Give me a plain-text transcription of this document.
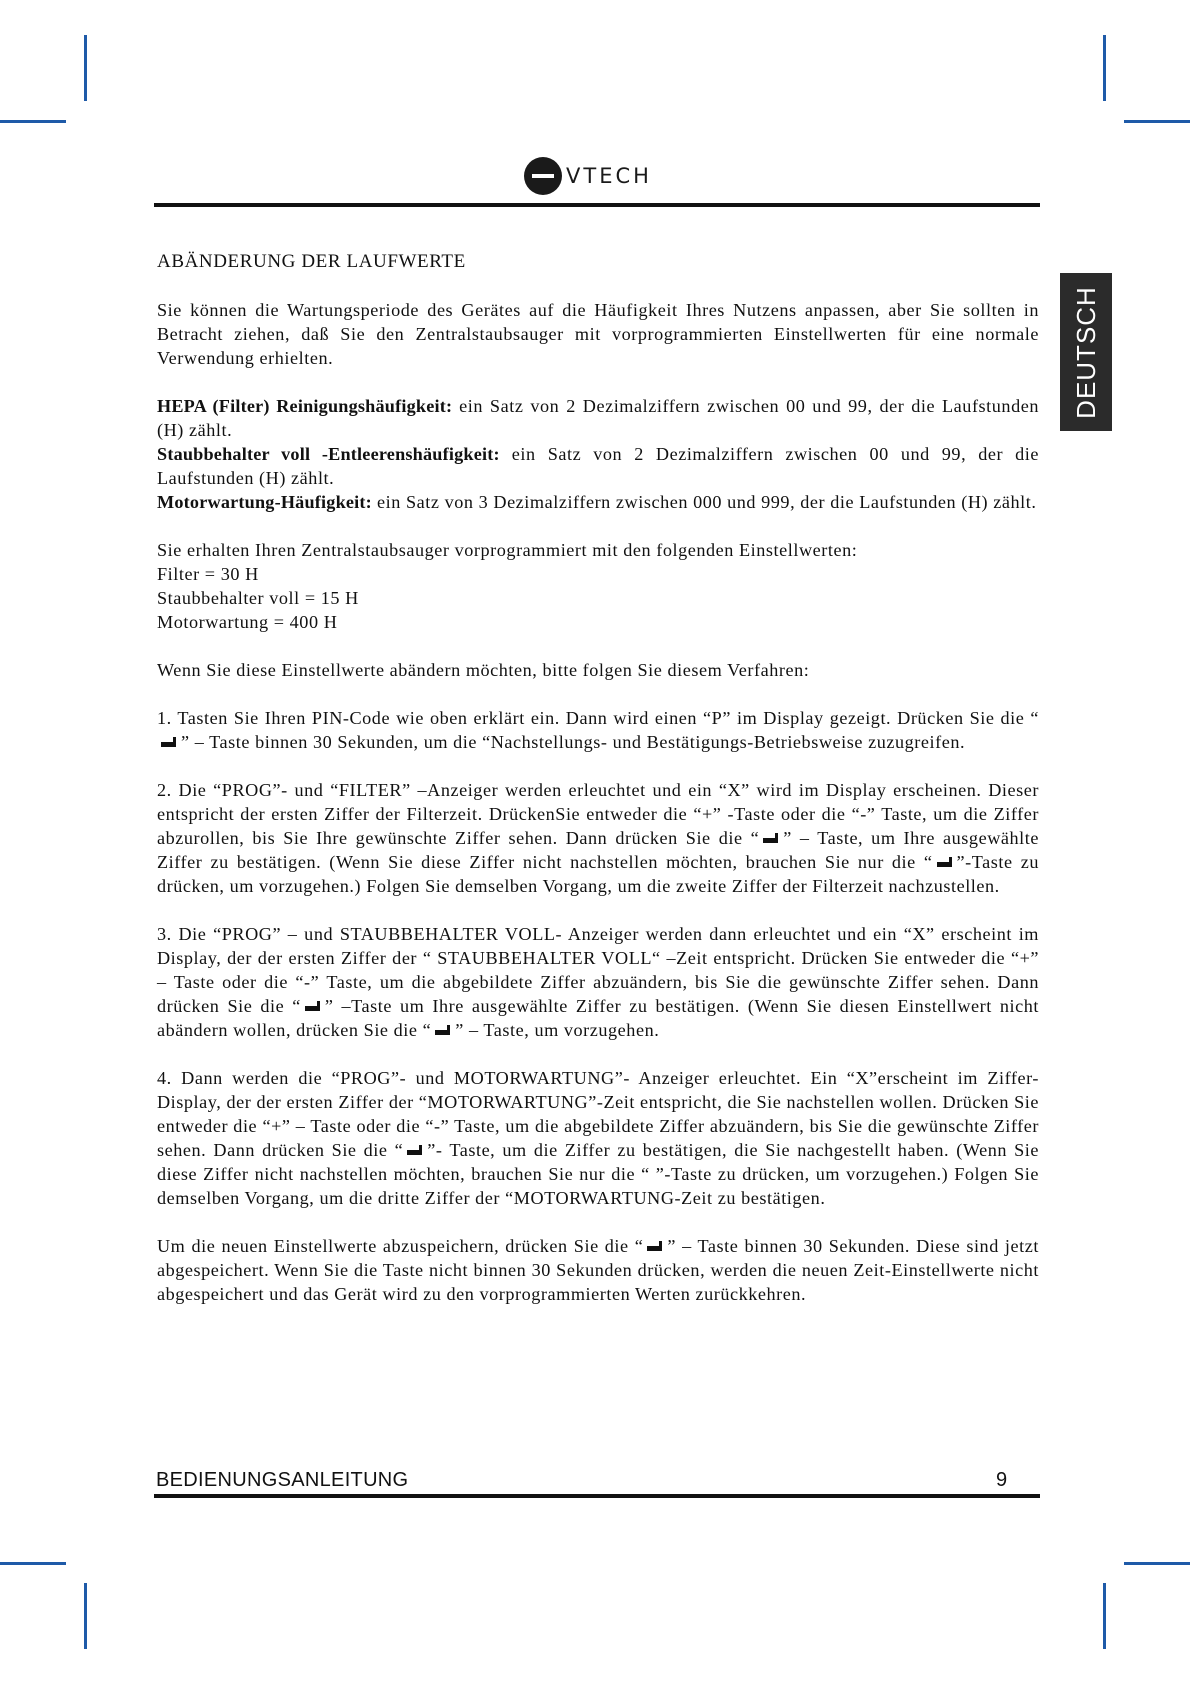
VTECH
DEUTSCH
ABÄNDERUNG DER LAUFWERTE

Sie können die Wartungsperiode des Gerätes auf die Häufigkeit Ihres Nutzens anpassen, aber Sie sollten in Betracht ziehen, daß Sie den Zentralstaubsauger mit vorprogrammierten Einstellwerten für eine normale Verwendung erhielten.

HEPA (Filter) Reinigungshäufigkeit: ein Satz von 2 Dezimalziffern zwischen 00 und 99, der die Laufstunden (H) zählt.

Staubbehalter voll -Entleerenshäufigkeit: ein Satz von 2 Dezimalziffern zwischen 00 und 99, der die Laufstunden (H) zählt.

Motorwartung-Häufigkeit: ein Satz von 3 Dezimalziffern zwischen 000 und 999, der die Laufstunden (H) zählt.

Sie erhalten Ihren Zentralstaubsauger vorprogrammiert mit den folgenden Einstellwerten:

Filter = 30 H

Staubbehalter voll = 15 H

Motorwartung = 400 H

Wenn Sie diese Einstellwerte abändern möchten, bitte folgen Sie diesem Verfahren:

1. Tasten Sie Ihren PIN-Code wie oben erklärt ein. Dann wird einen “P” im Display gezeigt. Drücken Sie die “” – Taste binnen 30 Sekunden, um die “Nachstellungs- und Bestätigungs-Betriebsweise zuzugreifen.

2. Die “PROG”- und “FILTER” –Anzeiger werden erleuchtet und ein “X” wird im Display erscheinen. Dieser entspricht der ersten Ziffer der Filterzeit. DrückenSie entweder die “+” -Taste oder die “-” Taste, um die Ziffer abzurollen, bis Sie Ihre gewünschte Ziffer sehen. Dann drücken Sie die “ ” – Taste, um Ihre ausgewählte Ziffer zu bestätigen. (Wenn Sie diese Ziffer nicht nachstellen möchten, brauchen Sie nur die “ ”-Taste zu drücken, um vorzugehen.) Folgen Sie demselben Vorgang, um die zweite Ziffer der Filterzeit nachzustellen.

3. Die “PROG” – und STAUBBEHALTER VOLL- Anzeiger werden dann erleuchtet und ein “X” erscheint im Display, der der ersten Ziffer der “ STAUBBEHALTER VOLL“ –Zeit entspricht. Drücken Sie entweder die “+” – Taste oder die “-” Taste, um die abgebildete Ziffer abzuändern, bis Sie die gewünschte Ziffer sehen. Dann drücken Sie die “ ” –Taste um Ihre ausgewählte Ziffer zu bestätigen. (Wenn Sie diesen Einstellwert nicht abändern wollen, drücken Sie die “ ” – Taste, um vorzugehen.

4. Dann werden die “PROG”- und MOTORWARTUNG”- Anzeiger erleuchtet. Ein “X”erscheint im Ziffer-Display, der der ersten Ziffer der “MOTORWARTUNG”-Zeit entspricht, die Sie nachstellen wollen. Drücken Sie entweder die “+” – Taste oder die “-” Taste, um die abgebildete Ziffer abzuändern, bis Sie die gewünschte Ziffer sehen. Dann drücken Sie die “ ”- Taste, um die Ziffer zu bestätigen, die Sie nachgestellt haben. (Wenn Sie diese Ziffer nicht nachstellen möchten, brauchen Sie nur die “ ”-Taste zu drücken, um vorzugehen.) Folgen Sie demselben Vorgang, um die dritte Ziffer der “MOTORWARTUNG-Zeit zu bestätigen.

Um die neuen Einstellwerte abzuspeichern, drücken Sie die “ ” – Taste binnen 30 Sekunden. Diese sind jetzt abgespeichert. Wenn Sie die Taste nicht binnen 30 Sekunden drücken, werden die neuen Zeit-Einstellwerte nicht abgespeichert und das Gerät wird zu den vorprogrammierten Werten zurückkehren.

BEDIENUNGSANLEITUNG	9
